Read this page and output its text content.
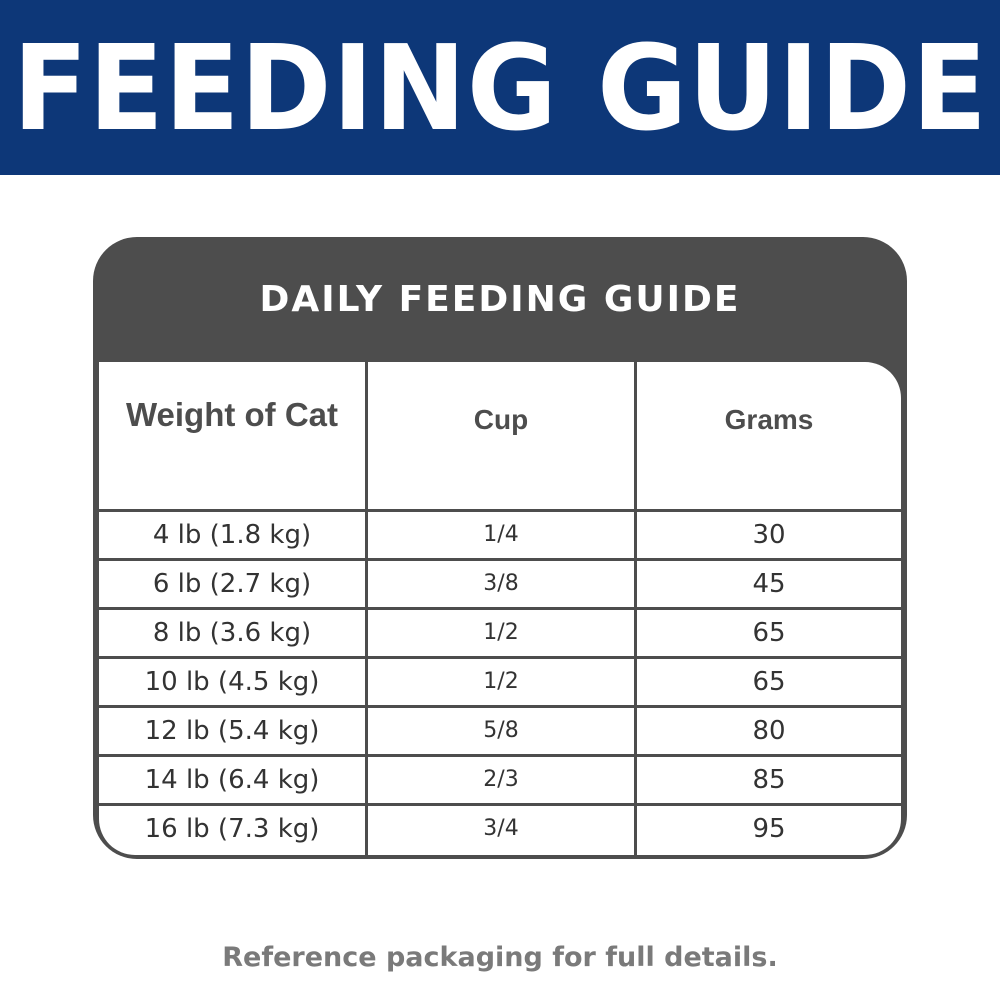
FEEDING GUIDE
DAILY FEEDING GUIDE
Weight of Cat	Cup	Grams
4 lb (1.8 kg)	1/4	30
6 lb (2.7 kg)	3/8	45
8 lb (3.6 kg)	1/2	65
10 lb (4.5 kg)	1/2	65
12 lb (5.4 kg)	5/8	80
14 lb (6.4 kg)	2/3	85
16 lb (7.3 kg)	3/4	95
Reference packaging for full details.
